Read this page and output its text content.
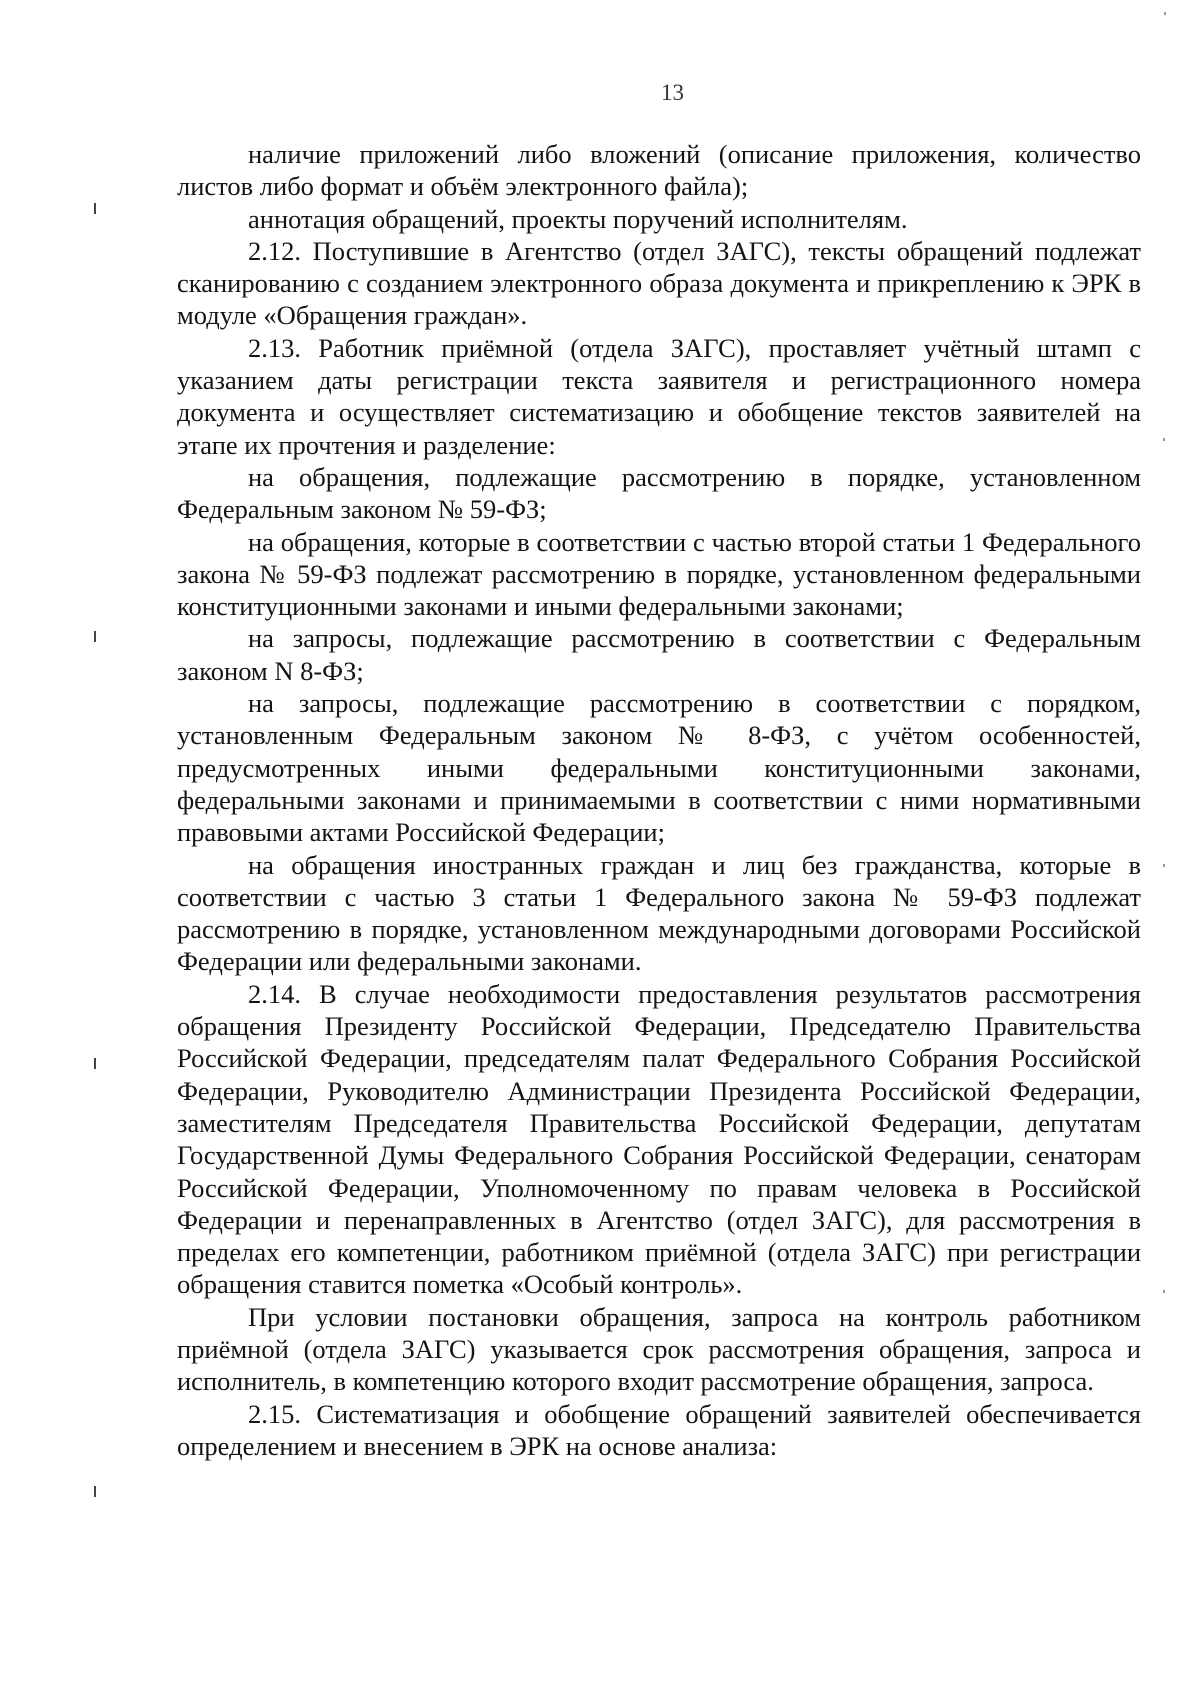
13

наличие приложений либо вложений (описание приложения, количество листов либо формат и объём электронного файла);

аннотация обращений, проекты поручений исполнителям.

2.12. Поступившие в Агентство (отдел ЗАГС), тексты обращений подлежат сканированию с созданием электронного образа документа и прикреплению к ЭРК в модуле «Обращения граждан».

2.13. Работник приёмной (отдела ЗАГС), проставляет учётный штамп с указанием даты регистрации текста заявителя и регистрационного номера документа и осуществляет систематизацию и обобщение текстов заявителей на этапе их прочтения и разделение:

на обращения, подлежащие рассмотрению в порядке, установленном Федеральным законом № 59-ФЗ;

на обращения, которые в соответствии с частью второй статьи 1 Федерального закона № 59-ФЗ подлежат рассмотрению в порядке, установленном федеральными конституционными законами и иными федеральными законами;

на запросы, подлежащие рассмотрению в соответствии с Федеральным законом N 8-ФЗ;

на запросы, подлежащие рассмотрению в соответствии с порядком, установленным Федеральным законом № 8-ФЗ, с учётом особенностей, предусмотренных иными федеральными конституционными законами, федеральными законами и принимаемыми в соответствии с ними нормативными правовыми актами Российской Федерации;

на обращения иностранных граждан и лиц без гражданства, которые в соответствии с частью 3 статьи 1 Федерального закона № 59-ФЗ подлежат рассмотрению в порядке, установленном международными договорами Российской Федерации или федеральными законами.

2.14. В случае необходимости предоставления результатов рассмотрения обращения Президенту Российской Федерации, Председателю Правительства Российской Федерации, председателям палат Федерального Собрания Российской Федерации, Руководителю Администрации Президента Российской Федерации, заместителям Председателя Правительства Российской Федерации, депутатам Государственной Думы Федерального Собрания Российской Федерации, сенаторам Российской Федерации, Уполномоченному по правам человека в Российской Федерации и перенаправленных в Агентство (отдел ЗАГС), для рассмотрения в пределах его компетенции, работником приёмной (отдела ЗАГС) при регистрации обращения ставится пометка «Особый контроль».

При условии постановки обращения, запроса на контроль работником приёмной (отдела ЗАГС) указывается срок рассмотрения обращения, запроса и исполнитель, в компетенцию которого входит рассмотрение обращения, запроса.

2.15. Систематизация и обобщение обращений заявителей обеспечивается определением и внесением в ЭРК на основе анализа:
